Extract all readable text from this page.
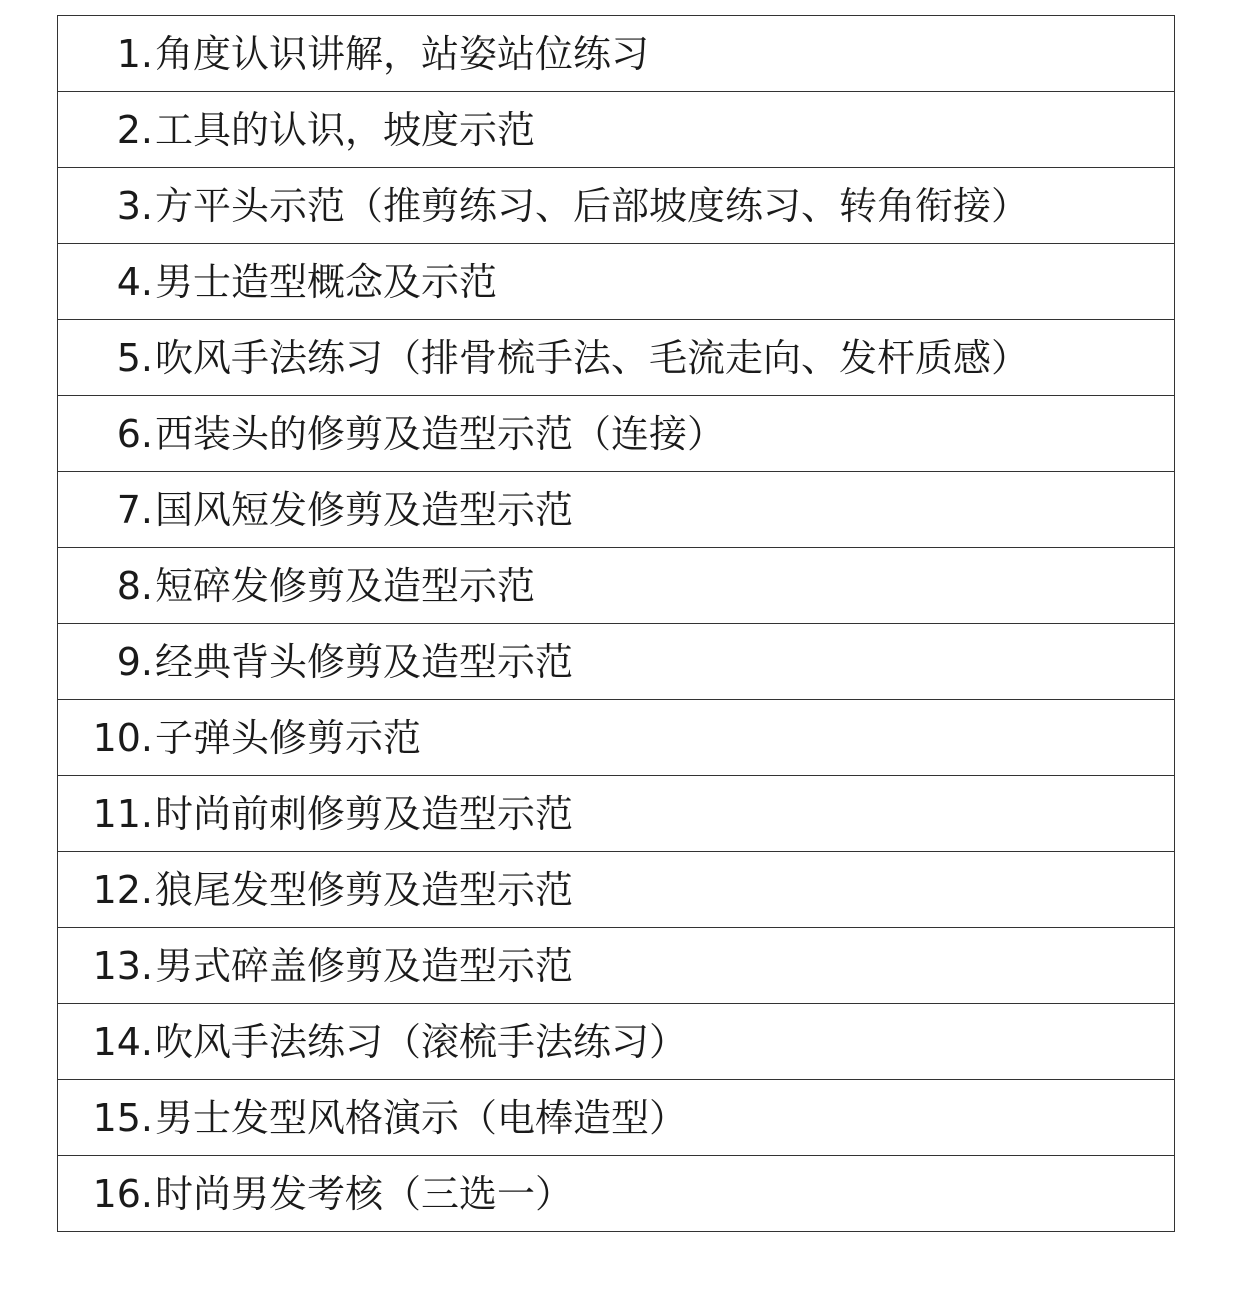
1. 角度认识讲解，站姿站位练习

2. 工具的认识，坡度示范

3. 方平头示范（推剪练习、后部坡度练习、转角衔接）

4. 男士造型概念及示范

5. 吹风手法练习（排骨梳手法、毛流走向、发杆质感）

6. 西装头的修剪及造型示范（连接）

7. 国风短发修剪及造型示范

8. 短碎发修剪及造型示范

9. 经典背头修剪及造型示范

10. 子弹头修剪示范

11. 时尚前刺修剪及造型示范

12. 狼尾发型修剪及造型示范

13. 男式碎盖修剪及造型示范

14. 吹风手法练习（滚梳手法练习）

15. 男士发型风格演示（电棒造型）

16. 时尚男发考核（三选一）
